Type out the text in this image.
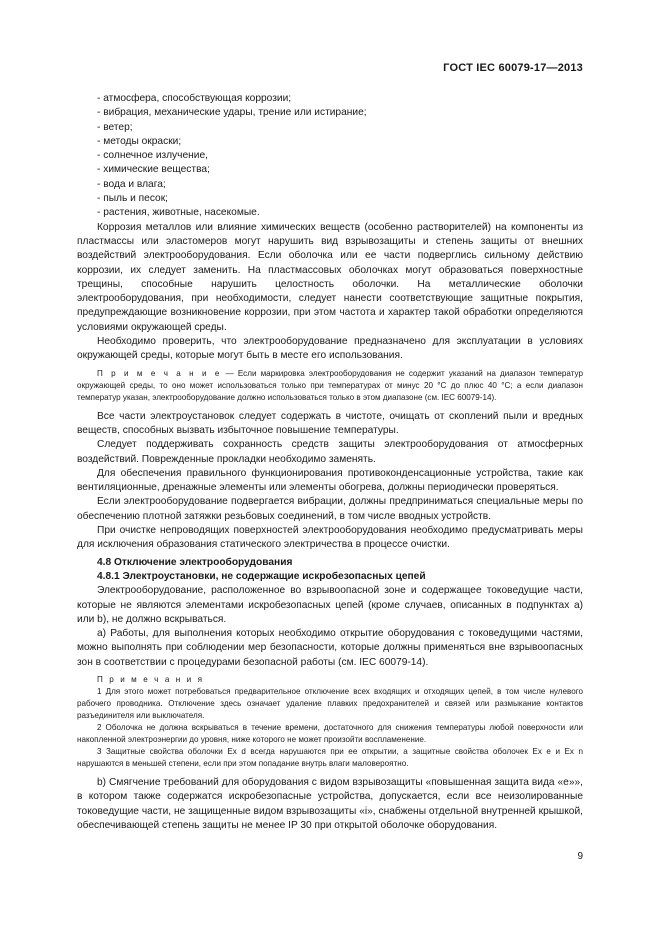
ГОСТ IEC 60079-17—2013
- атмосфера, способствующая коррозии;
- вибрация, механические удары, трение или истирание;
- ветер;
- методы окраски;
- солнечное излучение,
- химические вещества;
- вода и влага;
- пыль и песок;
- растения, животные, насекомые.

Коррозия металлов или влияние химических веществ (особенно растворителей) на компоненты из пластмассы или эластомеров могут нарушить вид взрывозащиты и степень защиты от внешних воздействий электрооборудования. Если оболочка или ее части подверглись сильному действию коррозии, их следует заменить. На пластмассовых оболочках могут образоваться поверхностные трещины, способные нарушить целостность оболочки. На металлические оболочки электрооборудования, при необходимости, следует нанести соответствующие защитные покрытия, предупреждающие возникновение коррозии, при этом частота и характер такой обработки определяются условиями окружающей среды.

Необходимо проверить, что электрооборудование предназначено для эксплуатации в условиях окружающей среды, которые могут быть в месте его использования.

П р и м е ч а н и е — Если маркировка электрооборудования не содержит указаний на диапазон температур окружающей среды, то оно может использоваться только при температурах от минус 20 °С до плюс 40 °С; а если диапазон температур указан, электрооборудование должно использоваться только в этом диапазоне (см. IEC 60079-14).

Все части электроустановок следует содержать в чистоте, очищать от скоплений пыли и вредных веществ, способных вызвать избыточное повышение температуры.

Следует поддерживать сохранность средств защиты электрооборудования от атмосферных воздействий. Поврежденные прокладки необходимо заменять.

Для обеспечения правильного функционирования противоконденсационные устройства, такие как вентиляционные, дренажные элементы или элементы обогрева, должны периодически проверяться.

Если электрооборудование подвергается вибрации, должны предприниматься специальные меры по обеспечению плотной затяжки резьбовых соединений, в том числе вводных устройств.

При очистке непроводящих поверхностей электрооборудования необходимо предусматривать меры для исключения образования статического электричества в процессе очистки.

4.8 Отключение электрооборудования

4.8.1 Электроустановки, не содержащие искробезопасных цепей

Электрооборудование, расположенное во взрывоопасной зоне и содержащее токоведущие части, которые не являются элементами искробезопасных цепей (кроме случаев, описанных в подпунктах а) или b), не должно вскрываться.

а) Работы, для выполнения которых необходимо открытие оборудования с токоведущими частями, можно выполнять при соблюдении мер безопасности, которые должны применяться вне взрывоопасных зон в соответствии с процедурами безопасной работы (см. IEC 60079-14).

П р и м е ч а н и я

1 Для этого может потребоваться предварительное отключение всех входящих и отходящих цепей, в том числе нулевого рабочего проводника. Отключение здесь означает удаление плавких предохранителей и связей или размыкание контактов разъединителя или выключателя.

2 Оболочка не должна вскрываться в течение времени, достаточного для снижения температуры любой поверхности или накопленной электроэнергии до уровня, ниже которого не может произойти воспламенение.

3 Защитные свойства оболочки Ex d всегда нарушаются при ее открытии, а защитные свойства оболочек Ex e и Ex n нарушаются в меньшей степени, если при этом попадание внутрь влаги маловероятно.

b) Смягчение требований для оборудования с видом взрывозащиты «повышенная защита вида «е»», в котором также содержатся искробезопасные устройства, допускается, если все неизолированные токоведущие части, не защищенные видом взрывозащиты «i», снабжены отдельной внутренней крышкой, обеспечивающей степень защиты не менее IP 30 при открытой оболочке оборудования.

9
